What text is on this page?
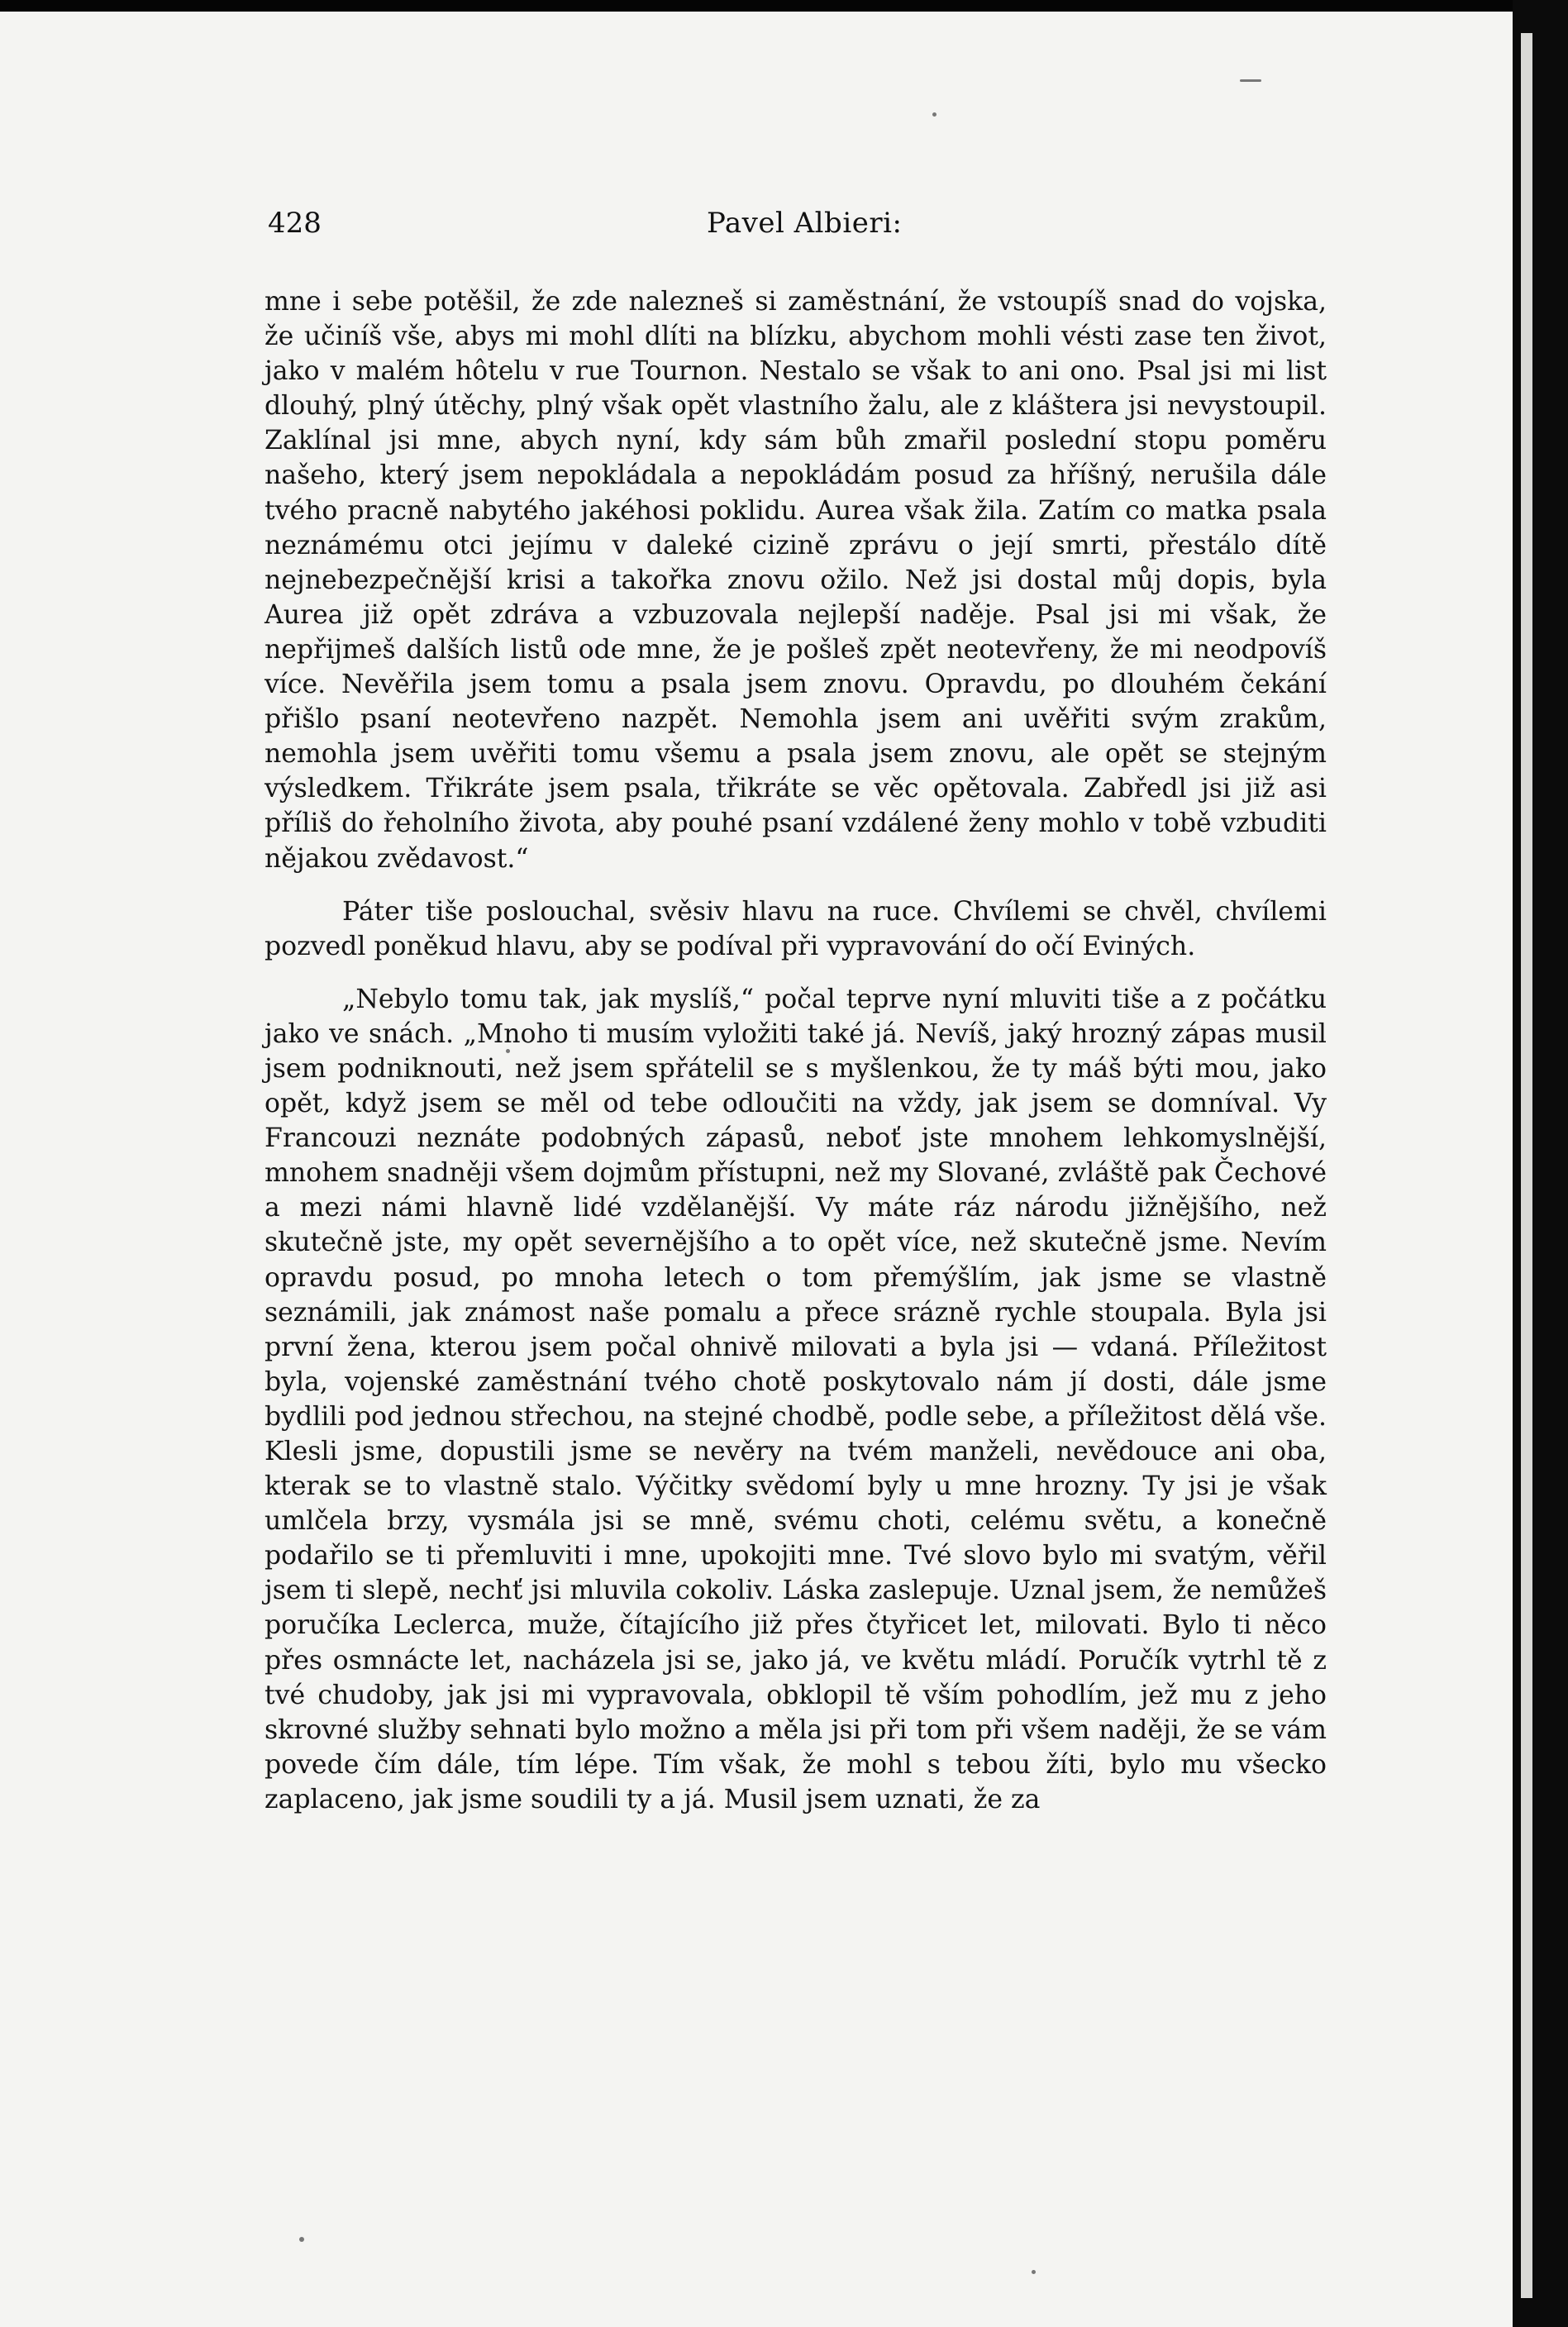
428	Pavel Albieri:

mne i sebe potěšil, že zde nalezneš si zaměstnání, že vstoupíš snad do vojska, že učiníš vše, abys mi mohl dlíti na blízku, abychom mohli vésti zase ten život, jako v malém hôtelu v rue Tournon. Nestalo se však to ani ono. Psal jsi mi list dlouhý, plný útěchy, plný však opět vlastního žalu, ale z kláštera jsi nevystoupil. Zaklínal jsi mne, abych nyní, kdy sám bůh zmařil poslední stopu poměru našeho, který jsem nepokládala a nepokládám posud za hříšný, nerušila dále tvého pracně nabytého jakéhosi poklidu. Aurea však žila. Zatím co matka psala neznámému otci jejímu v daleké cizině zprávu o její smrti, přestálo dítě nejnebezpečnější krisi a takořka znovu ožilo. Než jsi dostal můj dopis, byla Aurea již opět zdráva a vzbuzovala nejlepší naděje. Psal jsi mi však, že nepřijmeš dalších listů ode mne, že je pošleš zpět neotevřeny, že mi neodpovíš více. Nevěřila jsem tomu a psala jsem znovu. Opravdu, po dlouhém čekání přišlo psaní neotevřeno nazpět. Nemohla jsem ani uvěřiti svým zrakům, nemohla jsem uvěřiti tomu všemu a psala jsem znovu, ale opět se stejným výsledkem. Třikráte jsem psala, třikráte se věc opětovala. Zabředl jsi již asi příliš do řeholního života, aby pouhé psaní vzdálené ženy mohlo v tobě vzbuditi nějakou zvědavost.“

Páter tiše poslouchal, svěsiv hlavu na ruce. Chvílemi se chvěl, chvílemi pozvedl poněkud hlavu, aby se podíval při vypravování do očí Eviných.

„Nebylo tomu tak, jak myslíš,“ počal teprve nyní mluviti tiše a z počátku jako ve snách. „Mnoho ti musím vyložiti také já. Nevíš, jaký hrozný zápas musil jsem podniknouti, než jsem spřátelil se s myšlenkou, že ty máš býti mou, jako opět, když jsem se měl od tebe odloučiti na vždy, jak jsem se domníval. Vy Francouzi neznáte podobných zápasů, neboť jste mnohem lehkomyslnější, mnohem snadněji všem dojmům přístupni, než my Slované, zvláště pak Čechové a mezi námi hlavně lidé vzdělanější. Vy máte ráz národu jižnějšího, než skutečně jste, my opět severnějšího a to opět více, než skutečně jsme. Nevím opravdu posud, po mnoha letech o tom přemýšlím, jak jsme se vlastně seznámili, jak známost naše pomalu a přece srázně rychle stoupala. Byla jsi první žena, kterou jsem počal ohnivě milovati a byla jsi — vdaná. Příležitost byla, vojenské zaměstnání tvého chotě poskytovalo nám jí dosti, dále jsme bydlili pod jednou střechou, na stejné chodbě, podle sebe, a příležitost dělá vše. Klesli jsme, dopustili jsme se nevěry na tvém manželi, nevědouce ani oba, kterak se to vlastně stalo. Výčitky svědomí byly u mne hrozny. Ty jsi je však umlčela brzy, vysmála jsi se mně, svému choti, celému světu, a konečně podařilo se ti přemluviti i mne, upokojiti mne. Tvé slovo bylo mi svatým, věřil jsem ti slepě, nechť jsi mluvila cokoliv. Láska zaslepuje. Uznal jsem, že nemůžeš poručíka Leclerca, muže, čítajícího již přes čtyřicet let, milovati. Bylo ti něco přes osmnácte let, nacházela jsi se, jako já, ve květu mládí. Poručík vytrhl tě z tvé chudoby, jak jsi mi vypravovala, obklopil tě vším pohodlím, jež mu z jeho skrovné služby sehnati bylo možno a měla jsi při tom při všem naději, že se vám povede čím dále, tím lépe. Tím však, že mohl s tebou žíti, bylo mu všecko zaplaceno, jak jsme soudili ty a já. Musil jsem uznati, že za
